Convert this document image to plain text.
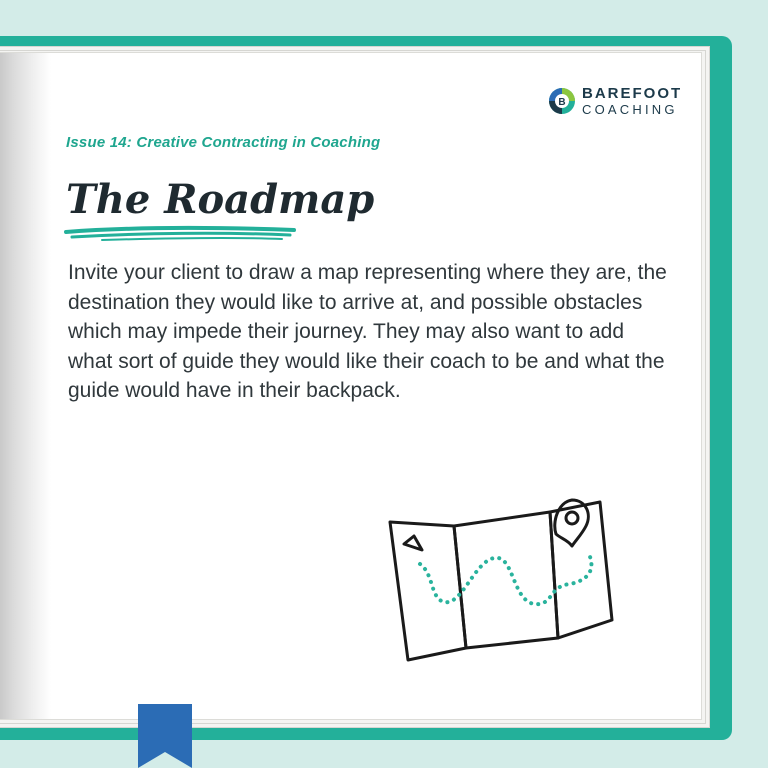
B
BAREFOOT
COACHING
Issue 14: Creative Contracting in Coaching
The Roadmap

Invite your client to draw a map representing where they are, the destination they would like to arrive at, and possible obstacles which may impede their journey. They may also want to add what sort of guide they would like their coach to be and what the guide would have in their backpack.
